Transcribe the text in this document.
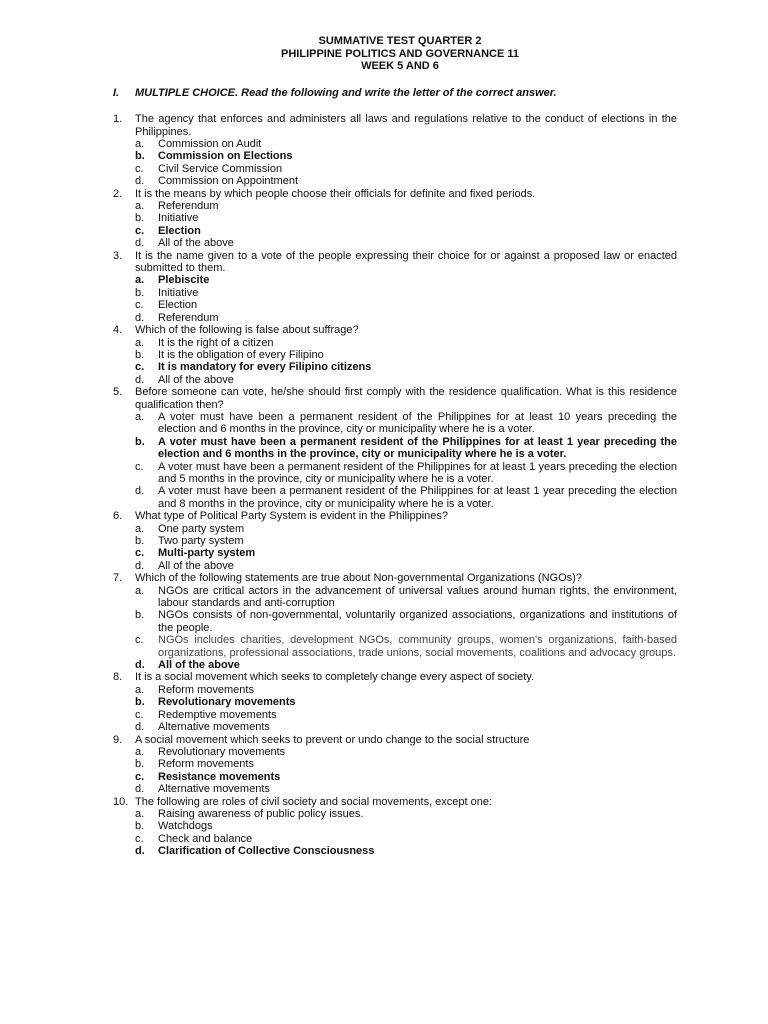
SUMMATIVE TEST QUARTER 2
PHILIPPINE POLITICS AND GOVERNANCE 11
WEEK 5 AND 6
I.	MULTIPLE CHOICE. Read the following and write the letter of the correct answer.
1.	The agency that enforces and administers all laws and regulations relative to the conduct of elections in the Philippines.
a.	Commission on Audit
b.	Commission on Elections
c.	Civil Service Commission
d.	Commission on Appointment
2.	It is the means by which people choose their officials for definite and fixed periods.
a.	Referendum
b.	Initiative
c.	Election
d.	All of the above
3.	It is the name given to a vote of the people expressing their choice for or against a proposed law or enacted submitted to them.
a.	Plebiscite
b.	Initiative
c.	Election
d.	Referendum
4.	Which of the following is false about suffrage?
a.	It is the right of a citizen
b.	It is the obligation of every Filipino
c.	It is mandatory for every Filipino citizens
d.	All of the above
5.	Before someone can vote, he/she should first comply with the residence qualification. What is this residence qualification then?
a.	A voter must have been a permanent resident of the Philippines for at least 10 years preceding the election and 6 months in the province, city or municipality where he is a voter.
b.	A voter must have been a permanent resident of the Philippines for at least 1 year preceding the election and 6 months in the province, city or municipality where he is a voter.
c.	A voter must have been a permanent resident of the Philippines for at least 1 years preceding the election and 5 months in the province, city or municipality where he is a voter.
d.	A voter must have been a permanent resident of the Philippines for at least 1 year preceding the election and 8 months in the province, city or municipality where he is a voter.
6.	What type of Political Party System is evident in the Philippines?
a.	One party system
b.	Two party system
c.	Multi-party system
d.	All of the above
7.	Which of the following statements are true about Non-governmental Organizations (NGOs)?
a.	NGOs are critical actors in the advancement of universal values around human rights, the environment, labour standards and anti-corruption
b.	NGOs consists of non-governmental, voluntarily organized associations, organizations and institutions of the people.
c.	NGOs includes charities, development NGOs, community groups, women's organizations, faith-based organizations, professional associations, trade unions, social movements, coalitions and advocacy groups.
d.	All of the above
8.	It is a social movement which seeks to completely change every aspect of society.
a.	Reform movements
b.	Revolutionary movements
c.	Redemptive movements
d.	Alternative movements
9.	A social movement which seeks to prevent or undo change to the social structure
a.	Revolutionary movements
b.	Reform movements
c.	Resistance movements
d.	Alternative movements
10. The following are roles of civil society and social movements, except one:
a.	Raising awareness of public policy issues.
b.	Watchdogs
c.	Check and balance
d.	Clarification of Collective Consciousness
